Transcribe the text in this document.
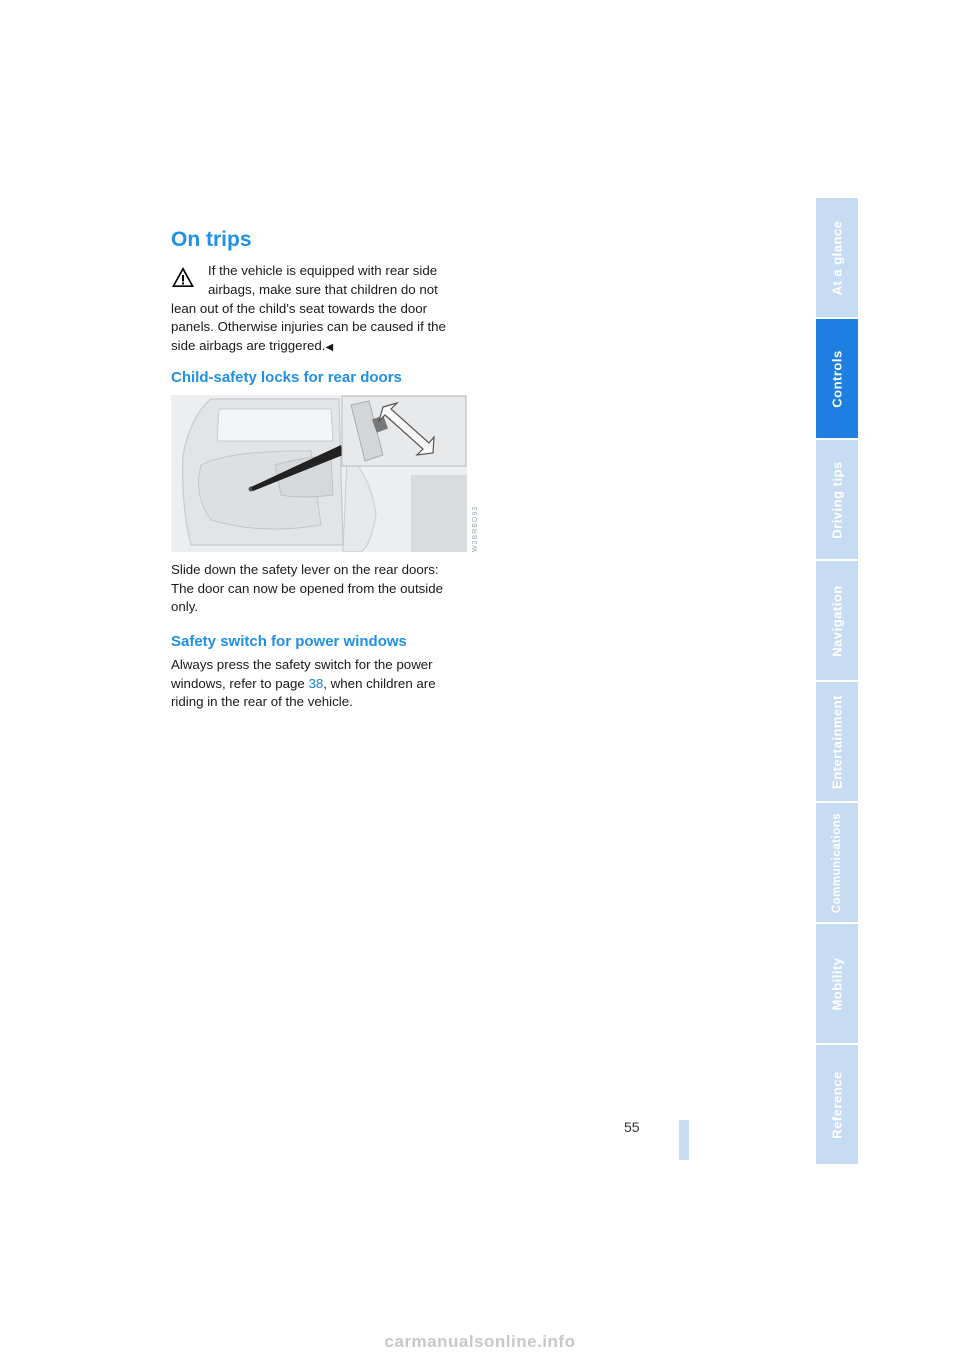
On trips
If the vehicle is equipped with rear side
airbags, make sure that children do not
lean out of the child's seat towards the door
panels. Otherwise injuries can be caused if the
side airbags are triggered.◀
Child-safety locks for rear doors
W3BRBO93
Slide down the safety lever on the rear doors:
The door can now be opened from the outside
only.
Safety switch for power windows
Always press the safety switch for the power
windows, refer to page 38, when children are
riding in the rear of the vehicle.
55
At a glance
Controls
Driving tips
Navigation
Entertainment
Communications
Mobility
Reference
carmanualsonline.info
